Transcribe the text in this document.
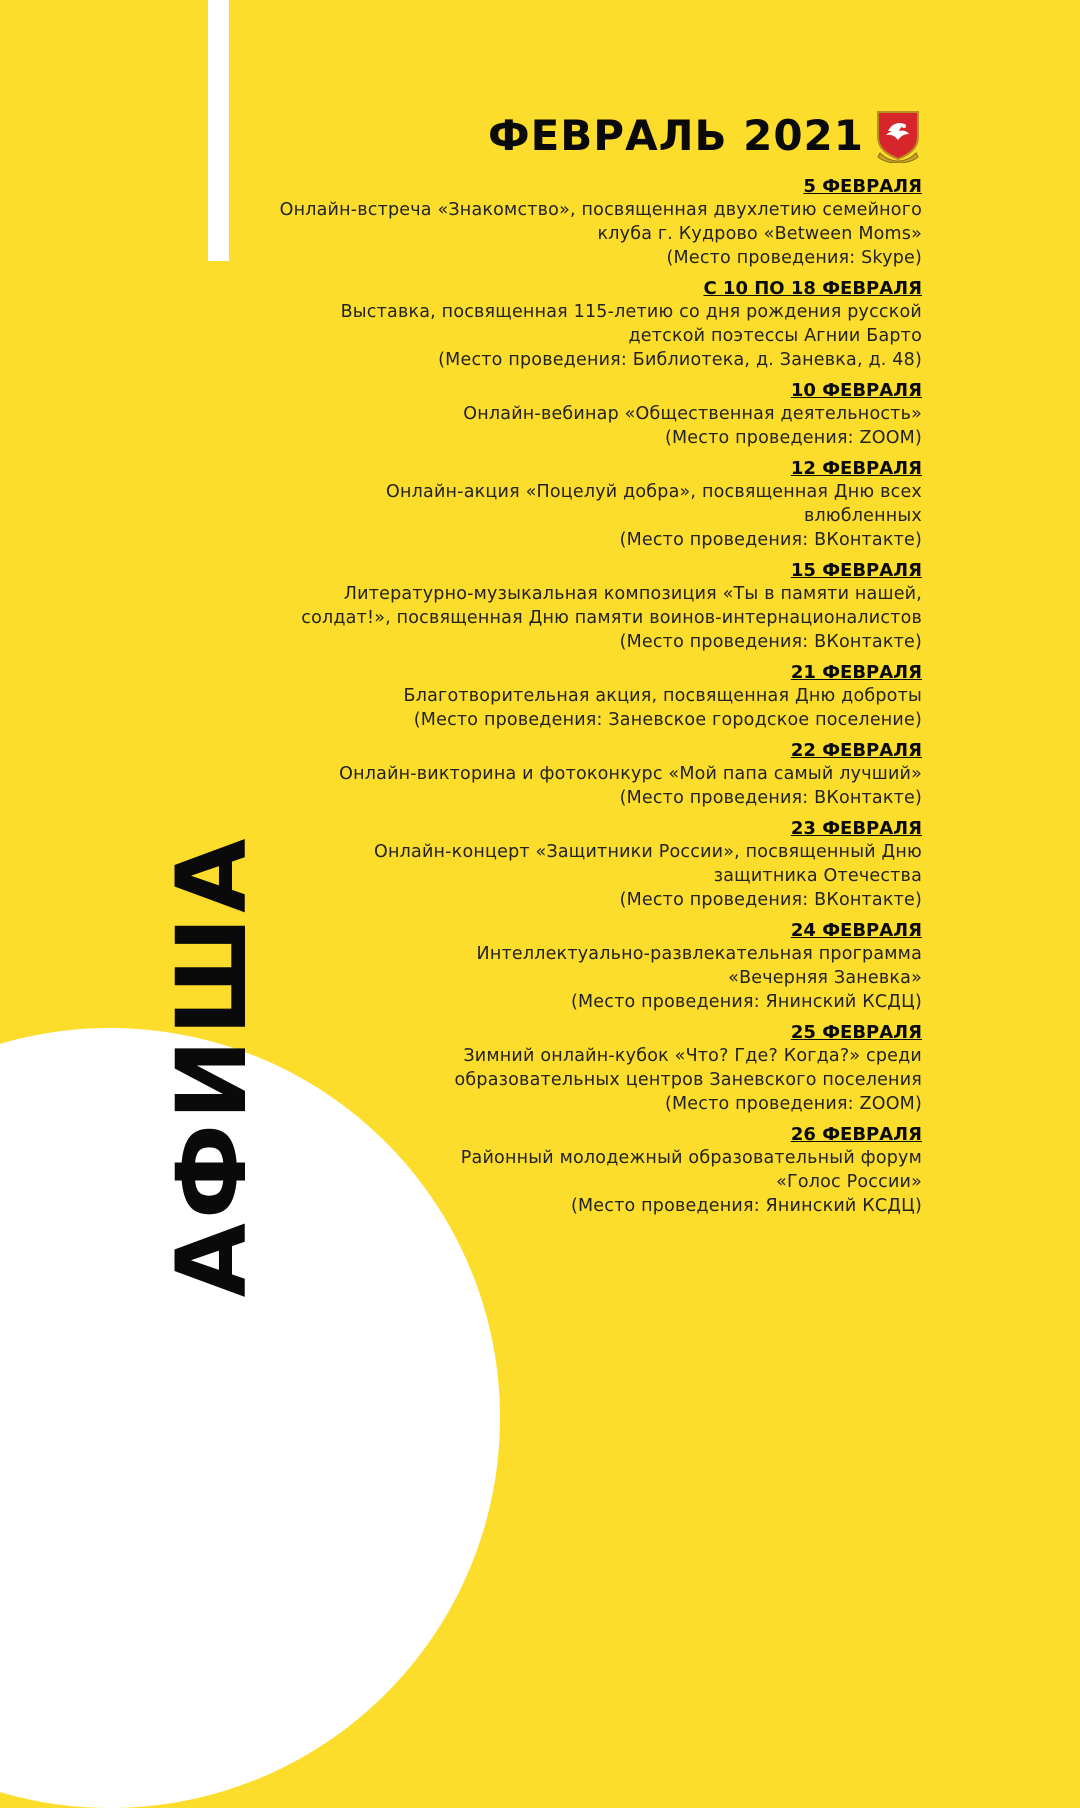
АФИША
ФЕВРАЛЬ 2021
5 ФЕВРАЛЯ
Онлайн-встреча «Знакомство», посвященная двухлетию семейного
клуба г. Кудрово «Between Moms»
(Место проведения: Skype)
С 10 ПО 18 ФЕВРАЛЯ
Выставка, посвященная 115-летию со дня рождения русской
детской поэтессы Агнии Барто
(Место проведения: Библиотека, д. Заневка, д. 48)
10 ФЕВРАЛЯ
Онлайн-вебинар «Общественная деятельность»
(Место проведения: ZOOM)
12 ФЕВРАЛЯ
Онлайн-акция «Поцелуй добра», посвященная Дню всех
влюбленных
(Место проведения: ВКонтакте)
15 ФЕВРАЛЯ
Литературно-музыкальная композиция «Ты в памяти нашей,
солдат!», посвященная Дню памяти воинов-интернационалистов
(Место проведения: ВКонтакте)
21 ФЕВРАЛЯ
Благотворительная акция, посвященная Дню доброты
(Место проведения: Заневское городское поселение)
22 ФЕВРАЛЯ
Онлайн-викторина и фотоконкурс «Мой папа самый лучший»
(Место проведения: ВКонтакте)
23 ФЕВРАЛЯ
Онлайн-концерт «Защитники России», посвященный Дню
защитника Отечества
(Место проведения: ВКонтакте)
24 ФЕВРАЛЯ
Интеллектуально-развлекательная программа
«Вечерняя Заневка»
(Место проведения: Янинский КСДЦ)
25 ФЕВРАЛЯ
Зимний онлайн-кубок «Что? Где? Когда?» среди
образовательных центров Заневского поселения
(Место проведения: ZOOM)
26 ФЕВРАЛЯ
Районный молодежный образовательный форум
«Голос России»
(Место проведения: Янинский КСДЦ)
